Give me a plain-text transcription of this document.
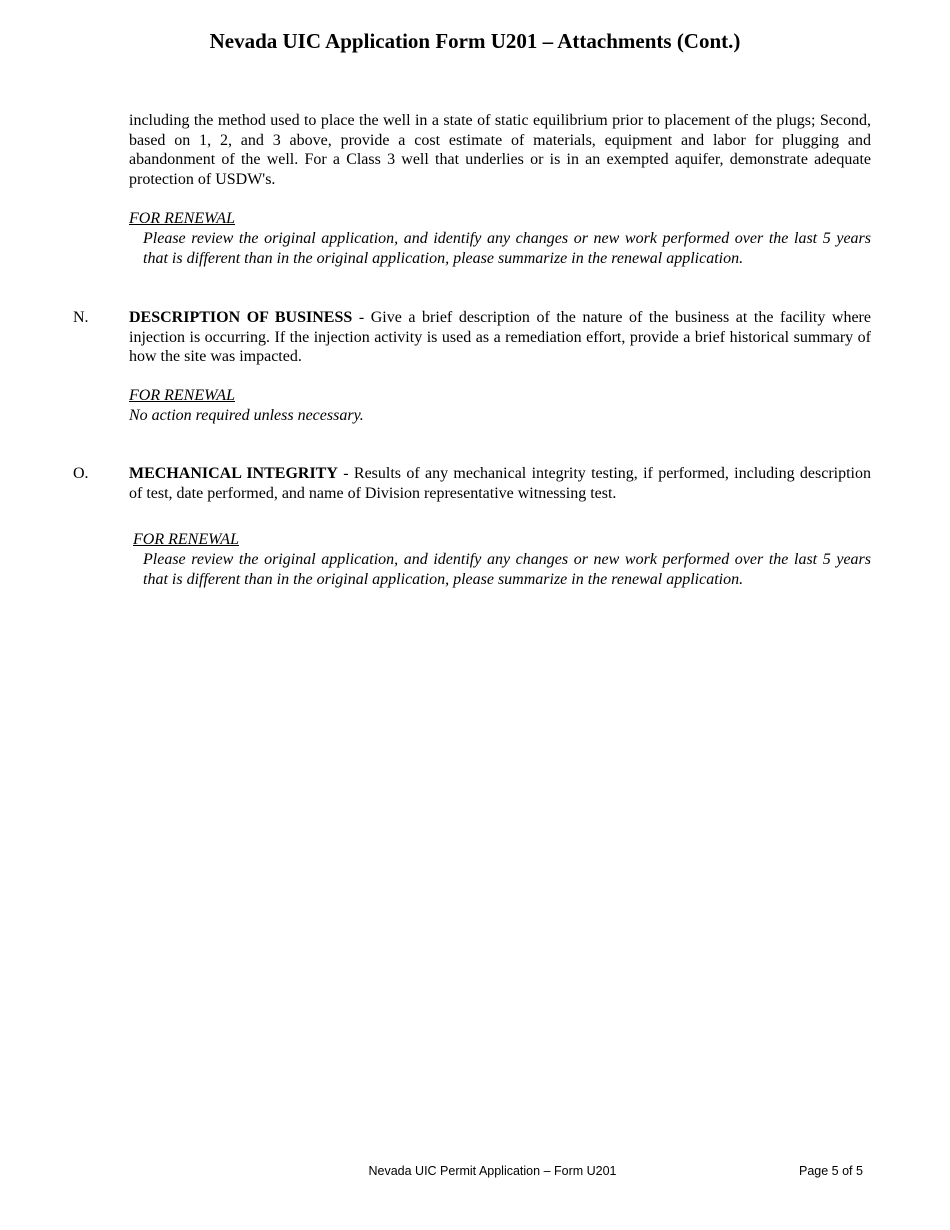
Nevada UIC Application Form U201 – Attachments (Cont.)
including the method used to place the well in a state of static equilibrium prior to placement of the plugs; Second, based on 1, 2, and 3 above, provide a cost estimate of materials, equipment and labor for plugging and abandonment of the well. For a Class 3 well that underlies or is in an exempted aquifer, demonstrate adequate protection of USDW's.
FOR RENEWAL
Please review the original application, and identify any changes or new work performed over the last 5 years that is different than in the original application, please summarize in the renewal application.
N.	DESCRIPTION OF BUSINESS - Give a brief description of the nature of the business at the facility where injection is occurring. If the injection activity is used as a remediation effort, provide a brief historical summary of how the site was impacted.
FOR RENEWAL
No action required unless necessary.
O.	MECHANICAL INTEGRITY - Results of any mechanical integrity testing, if performed, including description of test, date performed, and name of Division representative witnessing test.
FOR RENEWAL
Please review the original application, and identify any changes or new work performed over the last 5 years that is different than in the original application, please summarize in the renewal application.
Nevada UIC Permit Application – Form U201	Page 5 of 5
